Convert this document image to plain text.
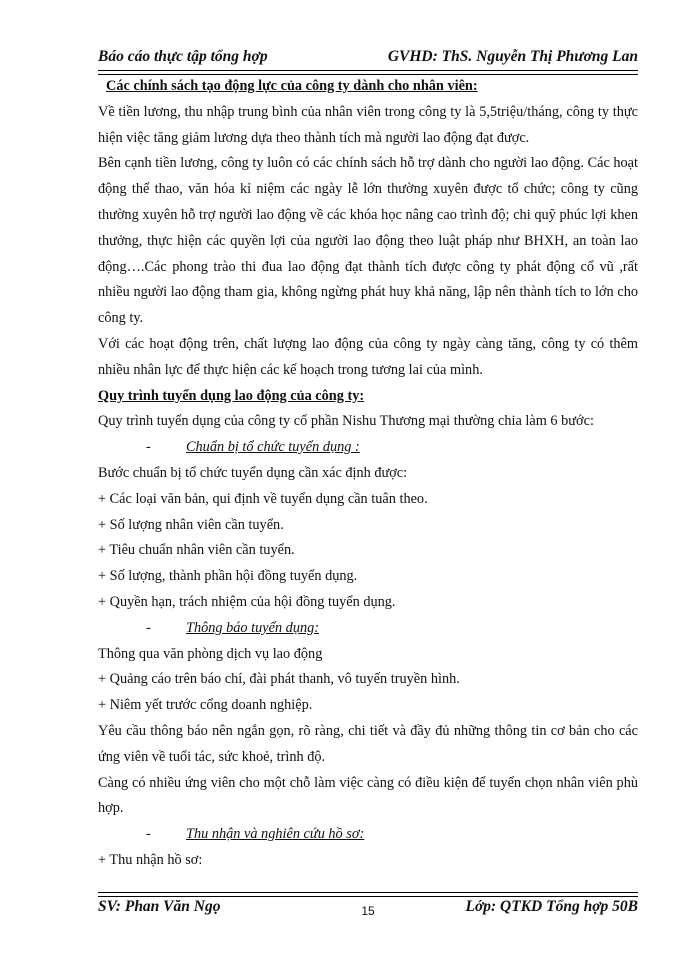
Báo cáo thực tập tổng hợp	GVHD: ThS. Nguyễn Thị Phương Lan

Các chính sách tạo động lực của công ty dành cho nhân viên:

Về tiền lương, thu nhập trung bình của nhân viên trong công ty là 5,5triệu/tháng, công ty thực hiện việc tăng giảm lương dựa theo thành tích mà người lao động đạt được.

Bên cạnh tiền lương, công ty luôn có các chính sách hỗ trợ dành cho người lao động. Các hoạt động thể thao, văn hóa kỉ niệm các ngày lễ lớn thường xuyên được tổ chức; công ty cũng thường xuyên hỗ trợ người lao động về các khóa học nâng cao trình độ; chi quỹ phúc lợi khen thưởng, thực hiện các quyền lợi của người lao động theo luật pháp như BHXH, an toàn lao động….Các phong trào thi đua lao động đạt thành tích được công ty phát động cổ vũ ,rất nhiều người lao động tham gia, không ngừng phát huy khả năng, lập nên thành tích to lớn cho công ty.

Với các hoạt động trên, chất lượng lao động của công ty ngày càng tăng, công ty có thêm nhiều nhân lực để thực hiện các kế hoạch trong tương lai của mình.

Quy trình tuyển dụng lao động của công ty:

Quy trình tuyển dụng của công ty cổ phần Nishu Thương mại thường chia làm 6 bước:

-	Chuẩn bị tổ chức tuyển dụng :

Bước chuẩn bị tổ chức tuyển dụng cần xác định được:

+ Các loại văn bản, qui định về tuyển dụng cần tuân theo.

+ Số lượng nhân viên cần tuyển.

+ Tiêu chuẩn nhân viên cần tuyển.

+ Số lượng, thành phần hội đồng tuyển dụng.

+ Quyền hạn, trách nhiệm của hội đồng tuyển dụng.

-	Thông báo tuyển dụng:

Thông qua văn phòng dịch vụ lao động

+ Quảng cáo trên báo chí, đài phát thanh, vô tuyến truyền hình.

+ Niêm yết trước cổng doanh nghiệp.

Yêu cầu thông báo nên ngắn gọn, rõ ràng, chi tiết và đầy đủ những thông tin cơ bản cho các ứng viên về tuổi tác, sức khoẻ, trình độ.

Càng có nhiều ứng viên cho một chỗ làm việc càng có điều kiện để tuyển chọn nhân viên phù hợp.

-	Thu nhận và nghiên cứu hồ sơ:

+ Thu nhận hồ sơ:

SV: Phan Văn Ngọ	15	Lớp: QTKD Tổng hợp 50B
